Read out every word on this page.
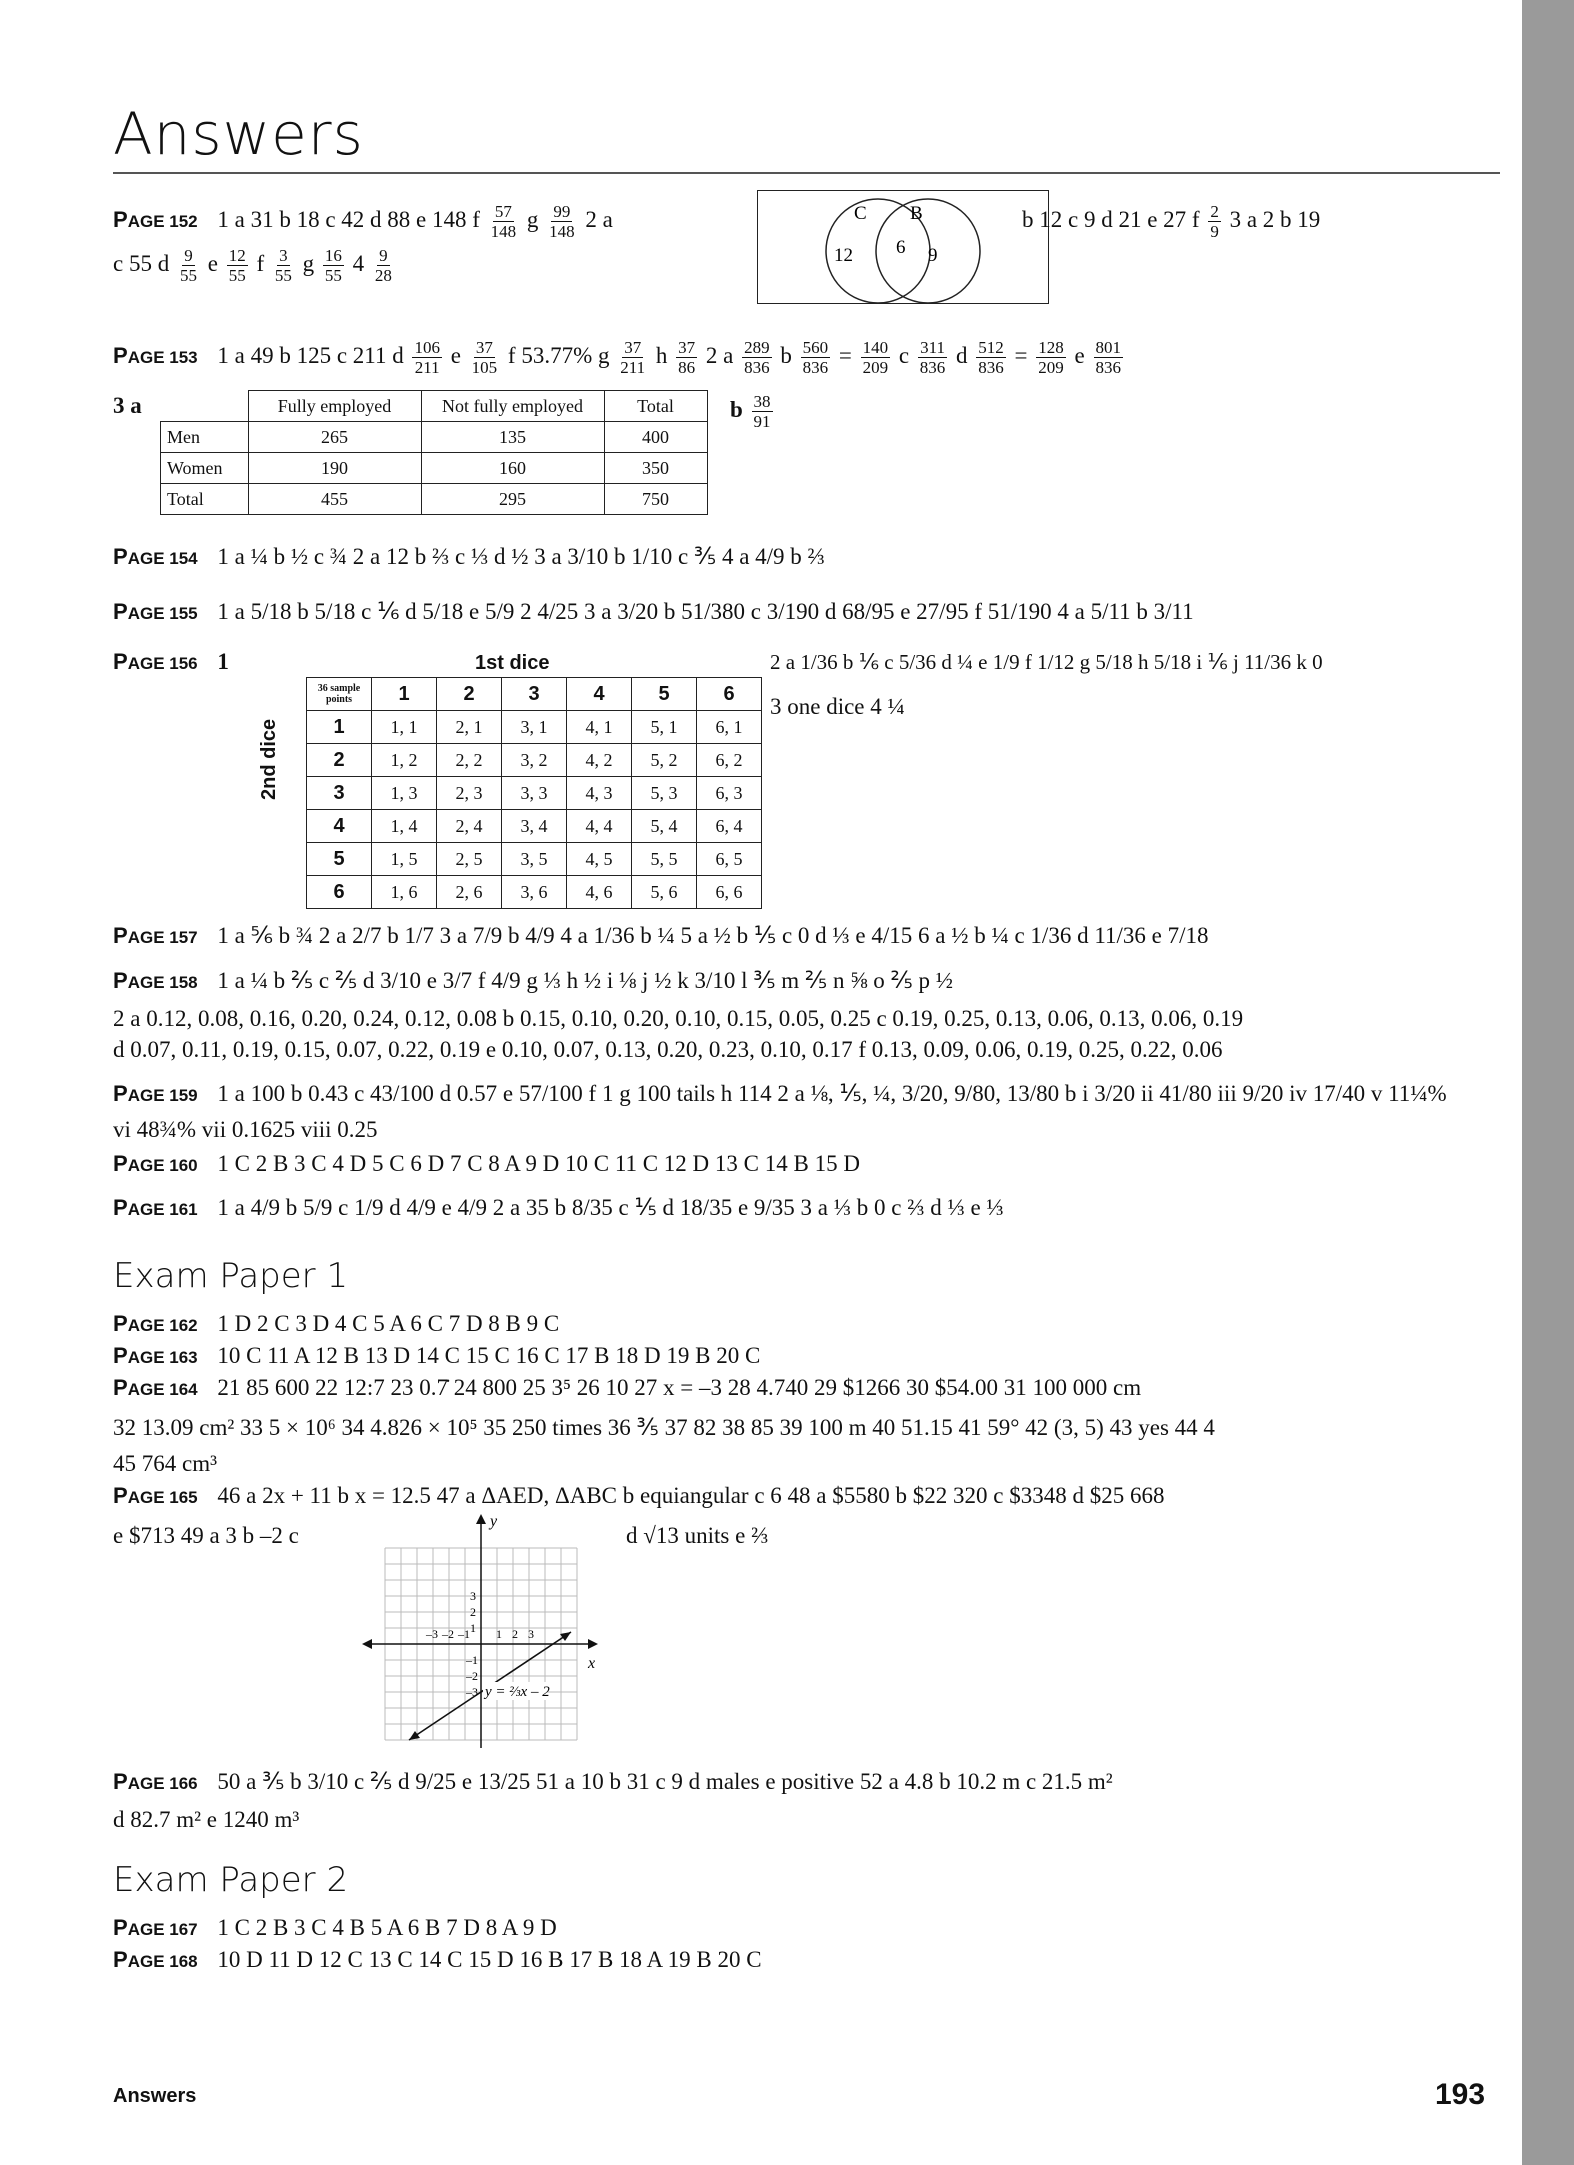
Answers
PAGE 152 1 a 31 b 18 c 42 d 88 e 148 f $\frac{57}{148}$ g $\frac{99}{148} 2$ a	C B
12 6 9
b 12 c 9 d 21 e 27 f $\frac{2}{9} 3$ a 2 b 19
c 55 d $\frac{9}{55}$ e $\frac{12}{55}$ f $\frac{3}{55}$ g $\frac{16}{55} 4 \frac{9}{28}$
PAGE 153 1 a 49 b 125 c 211 d $\frac{106}{211}$ e $\frac{37}{105}$ f 53.77% g $\frac{37}{211}$ h $\frac{37}{86} 2$ a $\frac{289}{836}$ b $\frac{560}{836} = \frac{140}{209}$ c $\frac{311}{836}$ d $\frac{512}{836} = \frac{128}{209}$ e $\frac{801}{836}$
3 a
		Fully employed	Not fully employed	Total
Men	265	135	400
Women	190	160	350
Total	455	295	750
b $\frac{38}{91}$
PAGE 154 1 a ¼ b ½ c ¾ 2 a 12 b ⅔ c ⅓ d ½ 3 a 3/10 b 1/10 c ⅗ 4 a 4/9 b ⅔
PAGE 155 1 a 5/18 b 5/18 c ⅙ d 5/18 e 5/9 2 4/25 3 a 3/20 b 51/380 c 3/190 d 68/95 e 27/95 f 51/190 4 a 5/11 b 3/11
PAGE 156 1	1st dice
2nd dice
36 sample points	1	2	3	4	5	6
1	1, 1	2, 1	3, 1	4, 1	5, 1	6, 1
2	1, 2	2, 2	3, 2	4, 2	5, 2	6, 2
3	1, 3	2, 3	3, 3	4, 3	5, 3	6, 3
4	1, 4	2, 4	3, 4	4, 4	5, 4	6, 4
5	1, 5	2, 5	3, 5	4, 5	5, 5	6, 5
6	1, 6	2, 6	3, 6	4, 6	5, 6	6, 6
2 a 1/36 b ⅙ c 5/36 d ¼ e 1/9 f 1/12 g 5/18 h 5/18 i ⅙ j 11/36 k 0
3 one dice 4 ¼
PAGE 157 1 a ⅚ b ¾ 2 a 2/7 b 1/7 3 a 7/9 b 4/9 4 a 1/36 b ¼ 5 a ½ b ⅕ c 0 d ⅓ e 4/15 6 a ½ b ¼ c 1/36 d 11/36 e 7/18
PAGE 158 1 a ¼ b ⅖ c ⅖ d 3/10 e 3/7 f 4/9 g ⅓ h ½ i ⅛ j ½ k 3/10 l ⅗ m ⅖ n ⅝ o ⅖ p ½
2 a 0.12, 0.08, 0.16, 0.20, 0.24, 0.12, 0.08 b 0.15, 0.10, 0.20, 0.10, 0.15, 0.05, 0.25 c 0.19, 0.25, 0.13, 0.06, 0.13, 0.06, 0.19
d 0.07, 0.11, 0.19, 0.15, 0.07, 0.22, 0.19 e 0.10, 0.07, 0.13, 0.20, 0.23, 0.10, 0.17 f 0.13, 0.09, 0.06, 0.19, 0.25, 0.22, 0.06
PAGE 159 1 a 100 b 0.43 c 43/100 d 0.57 e 57/100 f 1 g 100 tails h 114 2 a ⅛, ⅕, ¼, 3/20, 9/80, 13/80 b i 3/20 ii 41/80 iii 9/20 iv 17/40 v 11¼%
vi 48¾% vii 0.1625 viii 0.25
PAGE 160 1 C 2 B 3 C 4 D 5 C 6 D 7 C 8 A 9 D 10 C 11 C 12 D 13 C 14 B 15 D
PAGE 161 1 a 4/9 b 5/9 c 1/9 d 4/9 e 4/9 2 a 35 b 8/35 c ⅕ d 18/35 e 9/35 3 a ⅓ b 0 c ⅔ d ⅓ e ⅓
Exam Paper 1
PAGE 162 1 D 2 C 3 D 4 C 5 A 6 C 7 D 8 B 9 C
PAGE 163 10 C 11 A 12 B 13 D 14 C 15 C 16 C 17 B 18 D 19 B 20 C
PAGE 164 21 85 600 22 12:7 23 0.7̇ 24 800 25 3⁵ 26 10 27 x = –3 28 4.740 29 $1266 30 $54.00 31 100 000 cm
32 13.09 cm² 33 5 × 10⁶ 34 4.826 × 10⁵ 35 250 times 36 ⅗ 37 82 38 85 39 100 m 40 51.15 41 59° 42 (3, 5) 43 yes 44 4
45 764 cm³
PAGE 165 46 a 2x + 11 b x = 12.5 47 a ΔAED, ΔABC b equiangular c 6 48 a $5580 b $22 320 c $3348 d $25 668
e $713 49 a 3 b –2 c	d √13 units e ⅔
y
x
–3 –2 –1 1 2 3
3
2
1
–1
–2
–3 y = ⅔x – 2
PAGE 166 50 a ⅗ b 3/10 c ⅖ d 9/25 e 13/25 51 a 10 b 31 c 9 d males e positive 52 a 4.8 b 10.2 m c 21.5 m²
d 82.7 m² e 1240 m³
Exam Paper 2
PAGE 167 1 C 2 B 3 C 4 B 5 A 6 B 7 D 8 A 9 D
PAGE 168 10 D 11 D 12 C 13 C 14 C 15 D 16 B 17 B 18 A 19 B 20 C
Answers	193
